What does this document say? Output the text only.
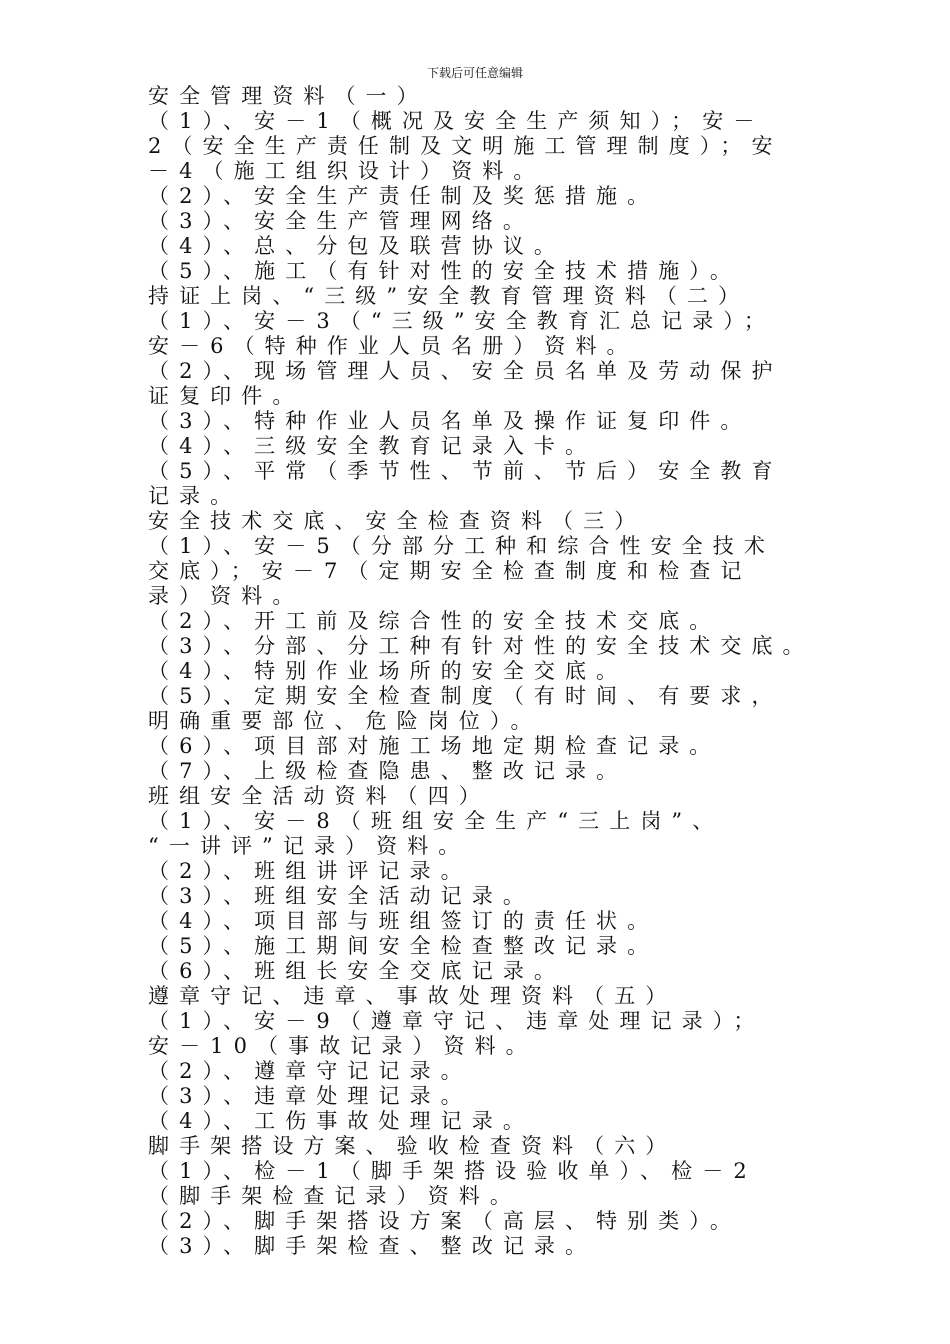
下载后可任意编辑
安全管理资料（一）
（1）、安－1（概况及安全生产须知）；安－
2（安全生产责任制及文明施工管理制度）；安
－4（施工组织设计）资料。
（2）、安全生产责任制及奖惩措施。
（3）、安全生产管理网络。
（4）、总、分包及联营协议。
（5）、施工（有针对性的安全技术措施）。
持证上岗、“三级”安全教育管理资料（二）
（1）、安－3（“三级”安全教育汇总记录）；
安－6（特种作业人员名册）资料。
（2）、现场管理人员、安全员名单及劳动保护
证复印件。
（3）、特种作业人员名单及操作证复印件。
（4）、三级安全教育记录入卡。
（5）、平常（季节性、节前、节后）安全教育
记录。
安全技术交底、安全检查资料（三）
（1）、安－5（分部分工种和综合性安全技术
交底）；安－7（定期安全检查制度和检查记
录）资料。
（2）、开工前及综合性的安全技术交底。
（3）、分部、分工种有针对性的安全技术交底。
（4）、特别作业场所的安全交底。
（5）、定期安全检查制度（有时间、有要求，
明确重要部位、危险岗位）。
（6）、项目部对施工场地定期检查记录。
（7）、上级检查隐患、整改记录。
班组安全活动资料（四）
（1）、安－8（班组安全生产“三上岗”、
“一讲评”记录）资料。
（2）、班组讲评记录。
（3）、班组安全活动记录。
（4）、项目部与班组签订的责任状。
（5）、施工期间安全检查整改记录。
（6）、班组长安全交底记录。
遵章守记、违章、事故处理资料（五）
（1）、安－9（遵章守记、违章处理记录）；
安－10（事故记录）资料。
（2）、遵章守记记录。
（3）、违章处理记录。
（4）、工伤事故处理记录。
脚手架搭设方案、验收检查资料（六）
（1）、检－1（脚手架搭设验收单）、检－2
（脚手架检查记录）资料。
（2）、脚手架搭设方案（高层、特别类）。
（3）、脚手架检查、整改记录。
